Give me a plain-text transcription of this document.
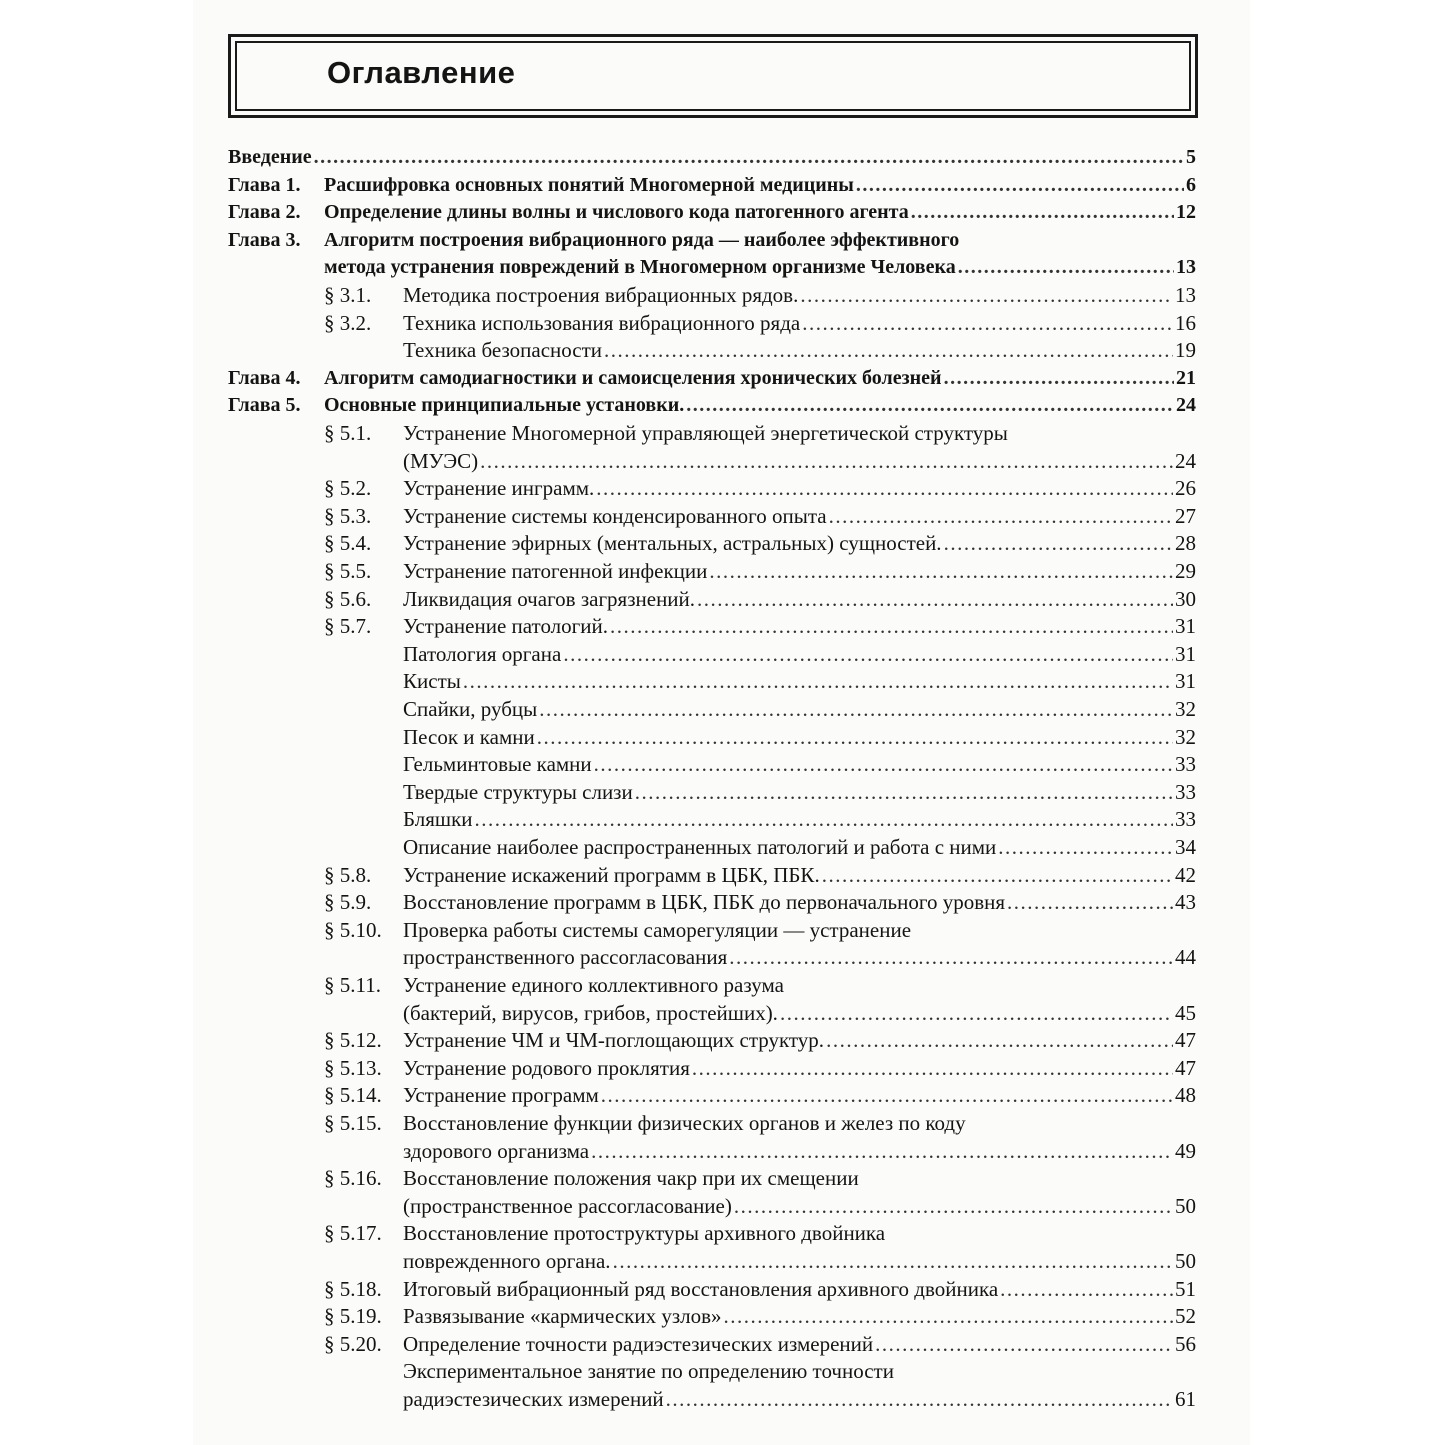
Оглавление
Введение .....	5
Глава 1. Расшифровка основных понятий Многомерной медицины .....	6
Глава 2. Определение длины волны и числового кода патогенного агента .....	12
Глава 3. Алгоритм построения вибрационного ряда — наиболее эффективного
метода устранения повреждений в Многомерном организме Человека .....	13
§ 3.1. Методика построения вибрационных рядов. .....	13
§ 3.2. Техника использования вибрационного ряда .....	16
Техника безопасности .....	19
Глава 4. Алгоритм самодиагностики и самоисцеления хронических болезней .....	21
Глава 5. Основные принципиальные установки. .....	24
§ 5.1. Устранение Многомерной управляющей энергетической структуры
(МУЭС) .....	24
§ 5.2. Устранение инграмм. .....	26
§ 5.3. Устранение системы конденсированного опыта .....	27
§ 5.4. Устранение эфирных (ментальных, астральных) сущностей. .....	28
§ 5.5. Устранение патогенной инфекции .....	29
§ 5.6. Ликвидация очагов загрязнений. .....	30
§ 5.7. Устранение патологий. .....	31
Патология органа .....	31
Кисты .....	31
Спайки, рубцы .....	32
Песок и камни .....	32
Гельминтовые камни .....	33
Твердые структуры слизи .....	33
Бляшки .....	33
Описание наиболее распространенных патологий и работа с ними .....	34
§ 5.8. Устранение искажений программ в ЦБК, ПБК. .....	42
§ 5.9. Восстановление программ в ЦБК, ПБК до первоначального уровня .....	43
§ 5.10. Проверка работы системы саморегуляции — устранение
пространственного рассогласования .....	44
§ 5.11. Устранение единого коллективного разума
(бактерий, вирусов, грибов, простейших). .....	45
§ 5.12. Устранение ЧМ и ЧМ-поглощающих структур. .....	47
§ 5.13. Устранение родового проклятия .....	47
§ 5.14. Устранение программ .....	48
§ 5.15. Восстановление функции физических органов и желез по коду
здорового организма .....	49
§ 5.16. Восстановление положения чакр при их смещении
(пространственное рассогласование) .....	50
§ 5.17. Восстановление протоструктуры архивного двойника
поврежденного органа. .....	50
§ 5.18. Итоговый вибрационный ряд восстановления архивного двойника .....	51
§ 5.19. Развязывание «кармических узлов» .....	52
§ 5.20. Определение точности радиэстезических измерений .....	56
Экспериментальное занятие по определению точности
радиэстезических измерений .....	61
